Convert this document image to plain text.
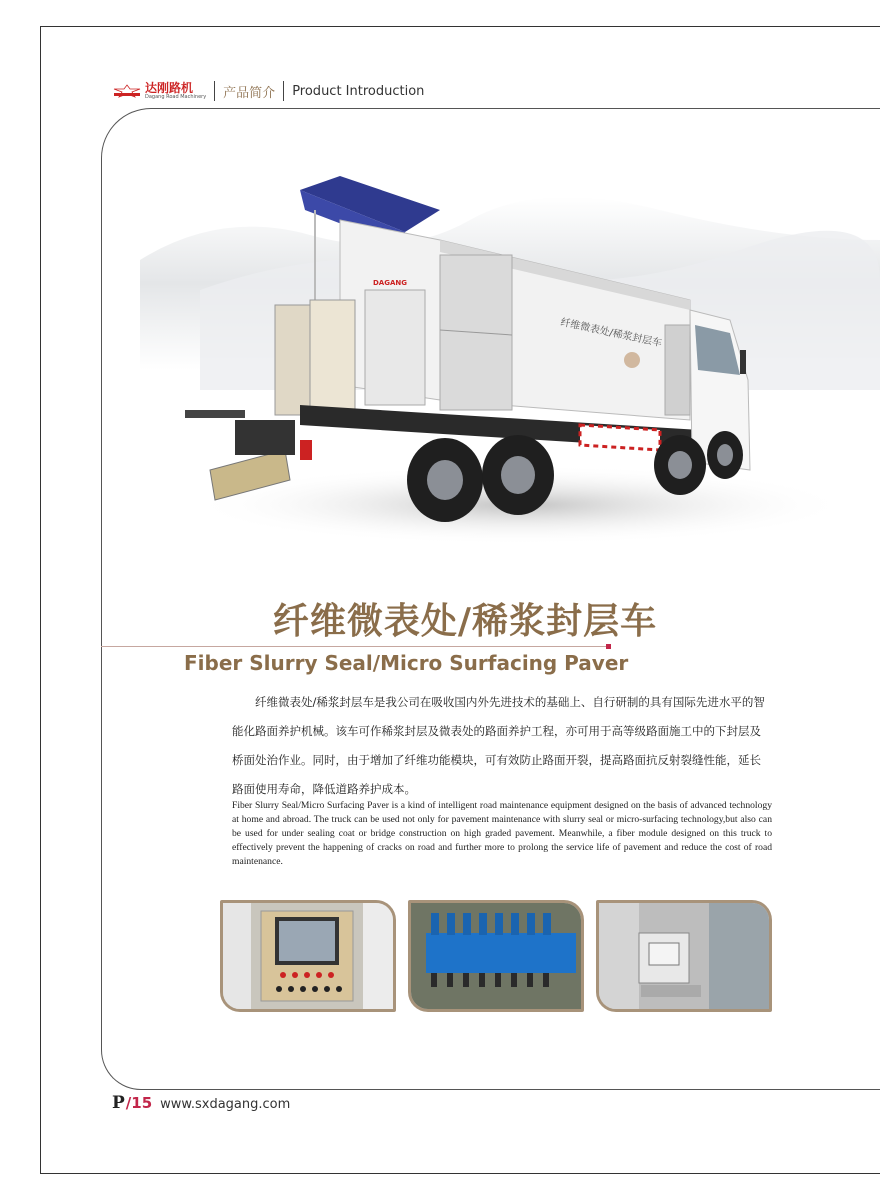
达刚路机
Dagang Road Machinery 产品简介 Product Introduction
纤维微表处/稀浆封层车
DAGANG
纤维微表处/稀浆封层车
Fiber Slurry Seal/Micro Surfacing Paver

纤维微表处/稀浆封层车是我公司在吸收国内外先进技术的基础上、自行研制的具有国际先进水平的智能化路面养护机械。该车可作稀浆封层及微表处的路面养护工程，亦可用于高等级路面施工中的下封层及桥面处治作业。同时，由于增加了纤维功能模块，可有效防止路面开裂，提高路面抗反射裂缝性能，延长路面使用寿命，降低道路养护成本。

Fiber Slurry Seal/Micro Surfacing Paver is a kind of intelligent road maintenance equipment designed on the basis of advanced technology at home and abroad. The truck can be used not only for pavement maintenance with slurry seal or micro-surfacing technology,but also can be used for under sealing coat or bridge construction on high graded pavement. Meanwhile, a fiber module designed on this truck to effectively prevent the happening of cracks on road and further more to prolong the service life of pavement and reduce the cost of road maintenance.
P /15 www.sxdagang.com
